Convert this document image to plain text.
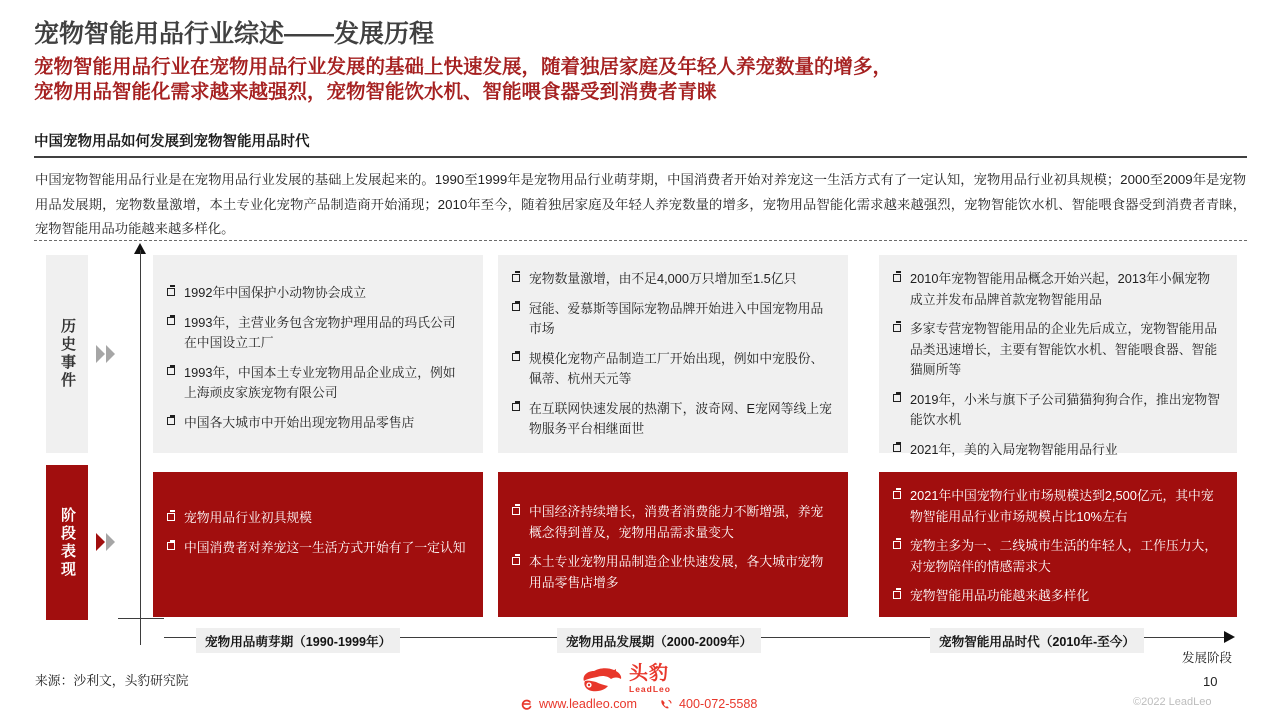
宠物智能用品行业综述——发展历程
宠物智能用品行业在宠物用品行业发展的基础上快速发展，随着独居家庭及年轻人养宠数量的增多，
宠物用品智能化需求越来越强烈，宠物智能饮水机、智能喂食器受到消费者青睐
中国宠物用品如何发展到宠物智能用品时代
中国宠物智能用品行业是在宠物用品行业发展的基础上发展起来的。1990至1999年是宠物用品行业萌芽期，中国消费者开始对养宠这一生活方式有了一定认知，宠物用品行业初具规模；2000至2009年是宠物用品发展期，宠物数量激增，本土专业化宠物产品制造商开始涌现；2010年至今，随着独居家庭及年轻人养宠数量的增多，宠物用品智能化需求越来越强烈，宠物智能饮水机、智能喂食器受到消费者青睐，宠物智能用品功能越来越多样化。
历史事件
阶段表现
1992年中国保护小动物协会成立
1993年，主营业务包含宠物护理用品的玛氏公司在中国设立工厂
1993年，中国本土专业宠物用品企业成立，例如上海顽皮家族宠物有限公司
中国各大城市中开始出现宠物用品零售店
宠物数量激增，由不足4,000万只增加至1.5亿只
冠能、爱慕斯等国际宠物品牌开始进入中国宠物用品市场
规模化宠物产品制造工厂开始出现，例如中宠股份、佩蒂、杭州天元等
在互联网快速发展的热潮下，波奇网、E宠网等线上宠物服务平台相继面世
2010年宠物智能用品概念开始兴起，2013年小佩宠物成立并发布品牌首款宠物智能用品
多家专营宠物智能用品的企业先后成立，宠物智能用品品类迅速增长，主要有智能饮水机、智能喂食器、智能猫厕所等
2019年，小米与旗下子公司猫猫狗狗合作，推出宠物智能饮水机
2021年，美的入局宠物智能用品行业
宠物用品行业初具规模
中国消费者对养宠这一生活方式开始有了一定认知
中国经济持续增长，消费者消费能力不断增强，养宠概念得到普及，宠物用品需求量变大
本土专业宠物用品制造企业快速发展，各大城市宠物用品零售店增多
2021年中国宠物行业市场规模达到2,500亿元，其中宠物智能用品行业市场规模占比10%左右
宠物主多为一、二线城市生活的年轻人，工作压力大，对宠物陪伴的情感需求大
宠物智能用品功能越来越多样化
宠物用品萌芽期（1990-1999年）	宠物用品发展期（2000-2009年）	宠物智能用品时代（2010年-至今）
发展阶段
来源：沙利文，头豹研究院	头豹
LeadLeo
www.leadleo.com	400-072-5588
10
©2022 LeadLeo
